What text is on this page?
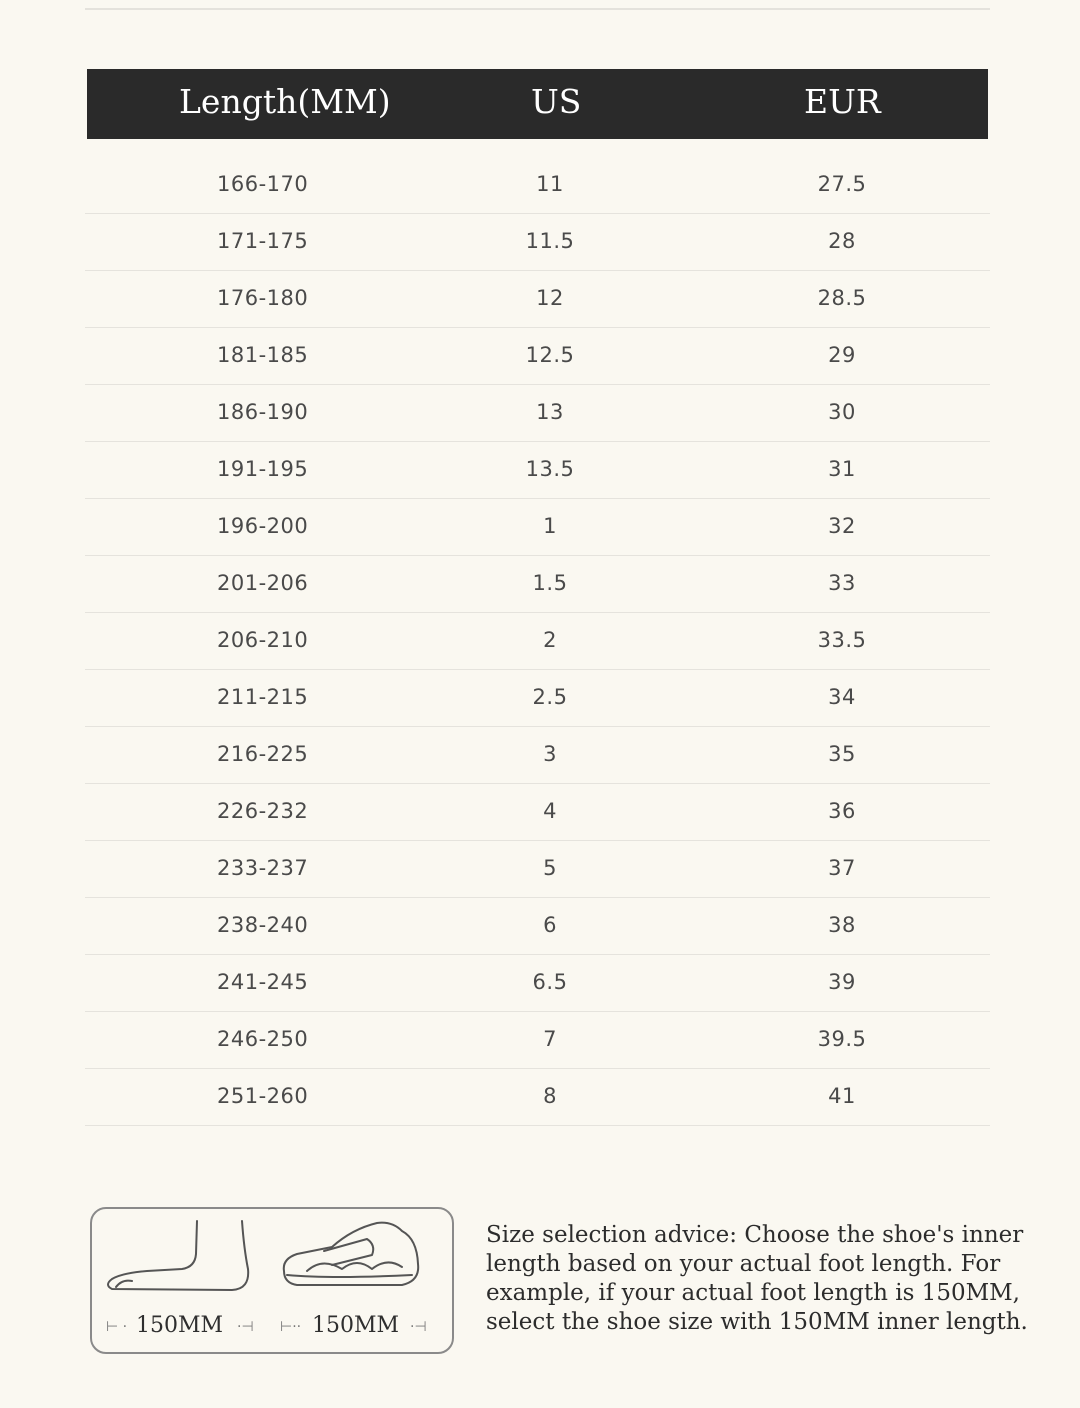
Length(MM)	US	EUR
166-170	11	27.5
171-175	11.5	28
176-180	12	28.5
181-185	12.5	29
186-190	13	30
191-195	13.5	31
196-200	1	32
201-206	1.5	33
206-210	2	33.5
211-215	2.5	34
216-225	3	35
226-232	4	36
233-237	5	37
238-240	6	38
241-245	6.5	39
246-250	7	39.5
251-260	8	41
⊢ · 150MM ·⊣ ⊢·· 150MM ·⊣
Size selection advice: Choose the shoe's inner length based on your actual foot length. For example, if your actual foot length is 150MM, select the shoe size with 150MM inner length.
